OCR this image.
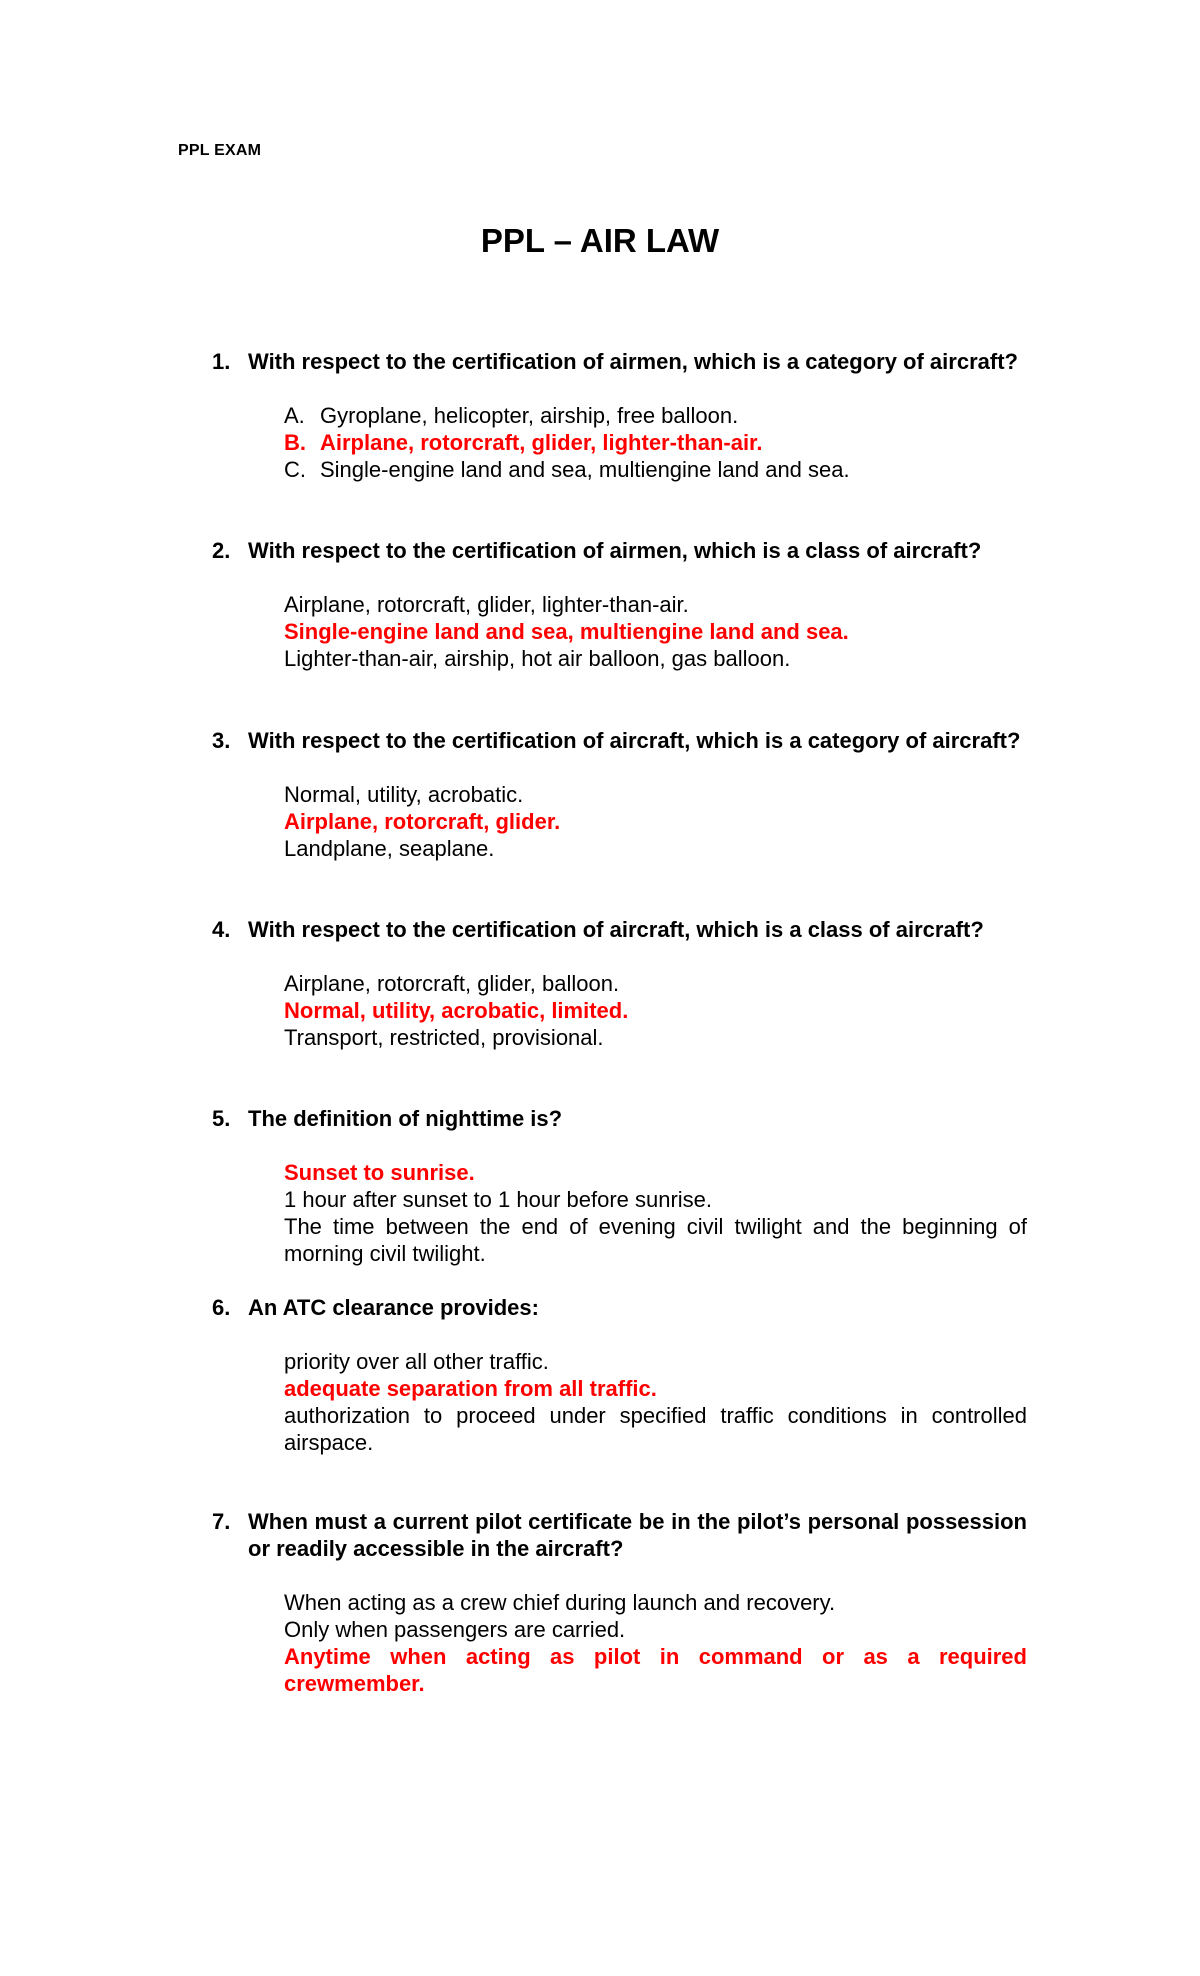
PPL EXAM
PPL – AIR LAW
1. With respect to the certification of airmen, which is a category of aircraft?
A. Gyroplane, helicopter, airship, free balloon.
B. Airplane, rotorcraft, glider, lighter-than-air.
C. Single-engine land and sea, multiengine land and sea.
2. With respect to the certification of airmen, which is a class of aircraft?
Airplane, rotorcraft, glider, lighter-than-air.
Single-engine land and sea, multiengine land and sea.
Lighter-than-air, airship, hot air balloon, gas balloon.
3. With respect to the certification of aircraft, which is a category of aircraft?
Normal, utility, acrobatic.
Airplane, rotorcraft, glider.
Landplane, seaplane.
4. With respect to the certification of aircraft, which is a class of aircraft?
Airplane, rotorcraft, glider, balloon.
Normal, utility, acrobatic, limited.
Transport, restricted, provisional.
5. The definition of nighttime is?
Sunset to sunrise.
1 hour after sunset to 1 hour before sunrise.
The time between the end of evening civil twilight and the beginning of morning civil twilight.
6. An ATC clearance provides:
priority over all other traffic.
adequate separation from all traffic.
authorization to proceed under specified traffic conditions in controlled airspace.
7. When must a current pilot certificate be in the pilot’s personal possession or readily accessible in the aircraft?
When acting as a crew chief during launch and recovery.
Only when passengers are carried.
Anytime when acting as pilot in command or as a required crewmember.
